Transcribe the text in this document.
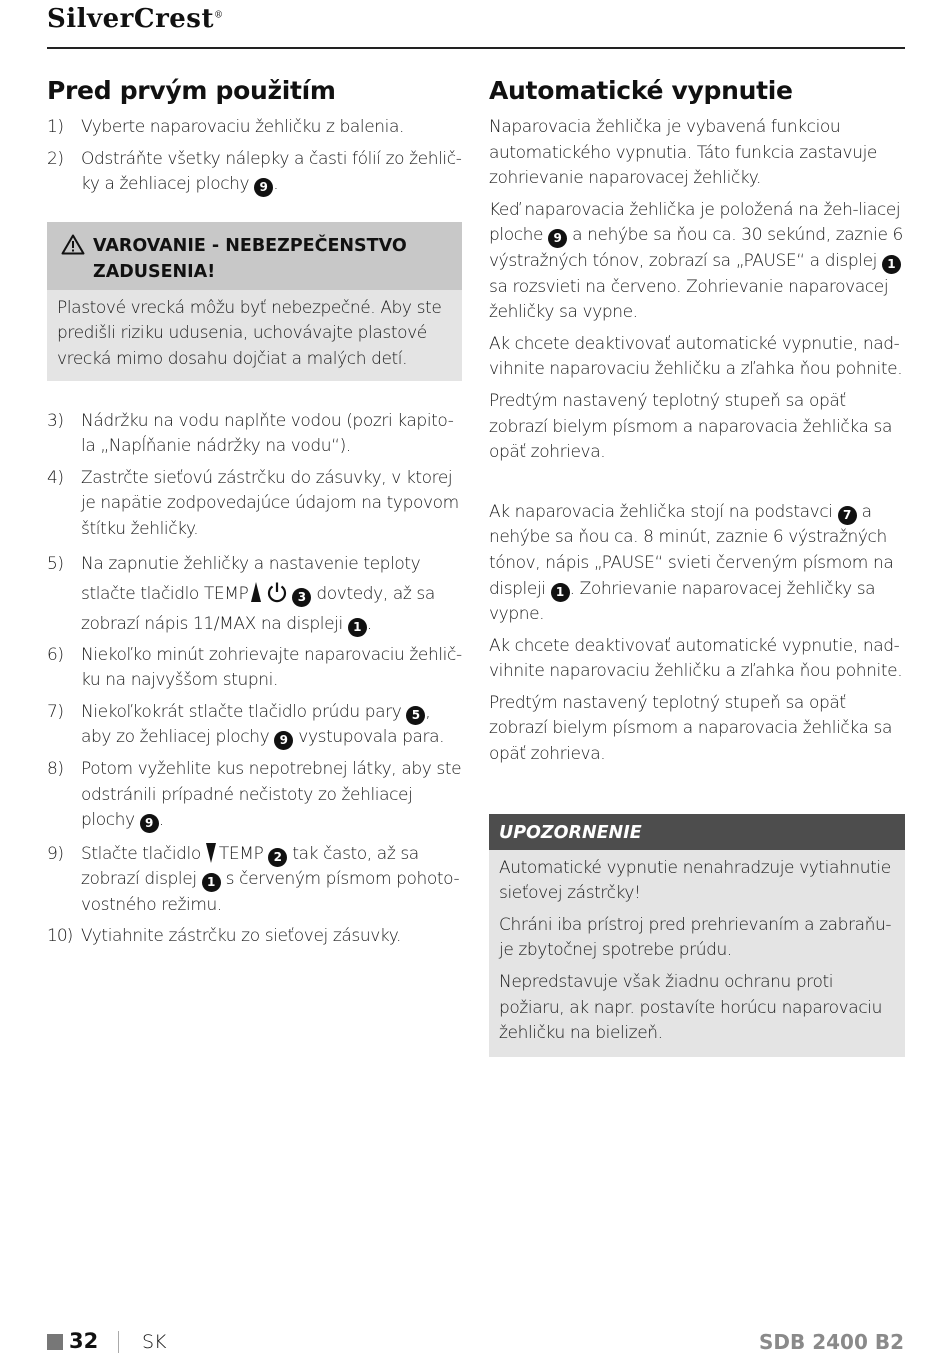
SilverCrest®
Pred prvým použitím
1) Vyberte naparovaciu žehličku z balenia.
2) Odstráňte všetky nálepky a časti fólií zo žehlič-ky a žehliacej plochy 9 .
VAROVANIE - NEBEZPEČENSTVO
ZADUSENIA!
Plastové vrecká môžu byť nebezpečné. Aby ste predišli riziku udusenia, uchovávajte plastové vrecká mimo dosahu dojčiat a malých detí.
3) Nádržku na vodu naplňte vodou (pozri kapito-la „Napĺňanie nádržky na vodu“).
4) Zastrčte sieťovú zástrčku do zásuvky, v ktorej je napätie zodpovedajúce údajom na typovom štítku žehličky.
5) Na zapnutie žehličky a nastavenie teploty stlačte tlačidlo TEMP	3 dovtedy, až sa zobrazí nápis 11/MAX na displeji 1 .
6) Niekoľko minút zohrievajte naparovaciu žehlič-ku na najvyššom stupni.
7) Niekoľkokrát stlačte tlačidlo prúdu pary 5 , aby zo žehliacej plochy 9 vystupovala para.
8) Potom vyžehlite kus nepotrebnej látky, aby ste odstránili prípadné nečistoty zo žehliacej plochy 9 .
9) Stlačte tlačidlo TEMP 2 tak často, až sa zobrazí displej 1 s červeným písmom pohoto-vostného režimu.
10) Vytiahnite zástrčku zo sieťovej zásuvky.
Automatické vypnutie

Naparovacia žehlička je vybavená funkciou automatického vypnutia. Táto funkcia zastavuje zohrievanie naparovacej žehličky.

Keď naparovacia žehlička je položená na žeh-liacej ploche 9 a nehýbe sa ňou ca. 30 sekúnd, zaznie 6 výstražných tónov, zobrazí sa „PAUSE“ a displej 1 sa rozsvieti na červeno. Zohrievanie naparovacej žehličky sa vypne.

Ak chcete deaktivovať automatické vypnutie, nad-vihnite naparovaciu žehličku a zľahka ňou pohnite.

Predtým nastavený teplotný stupeň sa opäť zobrazí bielym písmom a naparovacia žehlička sa opäť zohrieva.

Ak naparovacia žehlička stojí na podstavci 7 a nehýbe sa ňou ca. 8 minút, zaznie 6 výstražných tónov, nápis „PAUSE“ svieti červeným písmom na displeji 1 . Zohrievanie naparovacej žehličky sa vypne.

Ak chcete deaktivovať automatické vypnutie, nad-vihnite naparovaciu žehličku a zľahka ňou pohnite.

Predtým nastavený teplotný stupeň sa opäť zobrazí bielym písmom a naparovacia žehlička sa opäť zohrieva.

UPOZORNENIE

Automatické vypnutie nenahradzuje vytiahnutie sieťovej zástrčky!

Chráni iba prístroj pred prehrievaním a zabraňu-je zbytočnej spotrebe prúdu.

Nepredstavuje však žiadnu ochranu proti požiaru, ak napr. postavíte horúcu naparovaciu žehličku na bielizeň.

32 SK	SDB 2400 B2
